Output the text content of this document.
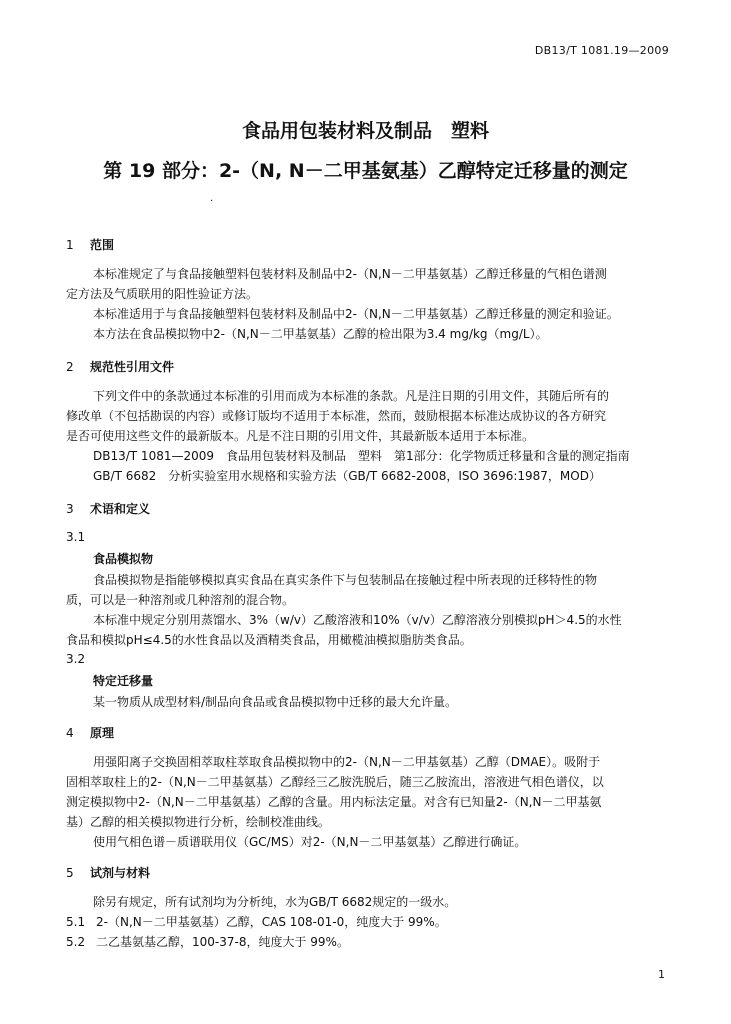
DB13/T 1081.19—2009
食品用包装材料及制品　塑料
第 19 部分：2-（N, N－二甲基氨基）乙醇特定迁移量的测定
·
1 范围
本标准规定了与食品接触塑料包装材料及制品中2-（N,N－二甲基氨基）乙醇迁移量的气相色谱测
定方法及气质联用的阳性验证方法。
本标准适用于与食品接触塑料包装材料及制品中2-（N,N－二甲基氨基）乙醇迁移量的测定和验证。
本方法在食品模拟物中2-（N,N－二甲基氨基）乙醇的检出限为3.4 mg/kg（mg/L）。
2 规范性引用文件
下列文件中的条款通过本标准的引用而成为本标准的条款。凡是注日期的引用文件，其随后所有的
修改单（不包括勘误的内容）或修订版均不适用于本标准，然而，鼓励根据本标准达成协议的各方研究
是否可使用这些文件的最新版本。凡是不注日期的引用文件，其最新版本适用于本标准。
DB13/T 1081—2009　食品用包装材料及制品　塑料　第1部分：化学物质迁移量和含量的测定指南
GB/T 6682　分析实验室用水规格和实验方法（GB/T 6682-2008，ISO 3696:1987，MOD）
3 术语和定义
3.1
食品模拟物
食品模拟物是指能够模拟真实食品在真实条件下与包装制品在接触过程中所表现的迁移特性的物
质，可以是一种溶剂或几种溶剂的混合物。
本标准中规定分别用蒸馏水、3%（w/v）乙酸溶液和10%（v/v）乙醇溶液分别模拟pH＞4.5的水性
食品和模拟pH≤4.5的水性食品以及酒精类食品，用橄榄油模拟脂肪类食品。
3.2
特定迁移量
某一物质从成型材料/制品向食品或食品模拟物中迁移的最大允许量。
4 原理
用强阳离子交换固相萃取柱萃取食品模拟物中的2-（N,N－二甲基氨基）乙醇（DMAE）。吸附于
固相萃取柱上的2-（N,N－二甲基氨基）乙醇经三乙胺洗脱后，随三乙胺流出，溶液进气相色谱仪，以
测定模拟物中2-（N,N－二甲基氨基）乙醇的含量。用内标法定量。对含有已知量2-（N,N－二甲基氨
基）乙醇的相关模拟物进行分析，绘制校准曲线。
使用气相色谱－质谱联用仪（GC/MS）对2-（N,N－二甲基氨基）乙醇进行确证。
5 试剂与材料
除另有规定，所有试剂均为分析纯，水为GB/T 6682规定的一级水。
5.1 2-（N,N－二甲基氨基）乙醇，CAS 108-01-0，纯度大于 99%。
5.2 二乙基氨基乙醇，100-37-8，纯度大于 99%。
1
